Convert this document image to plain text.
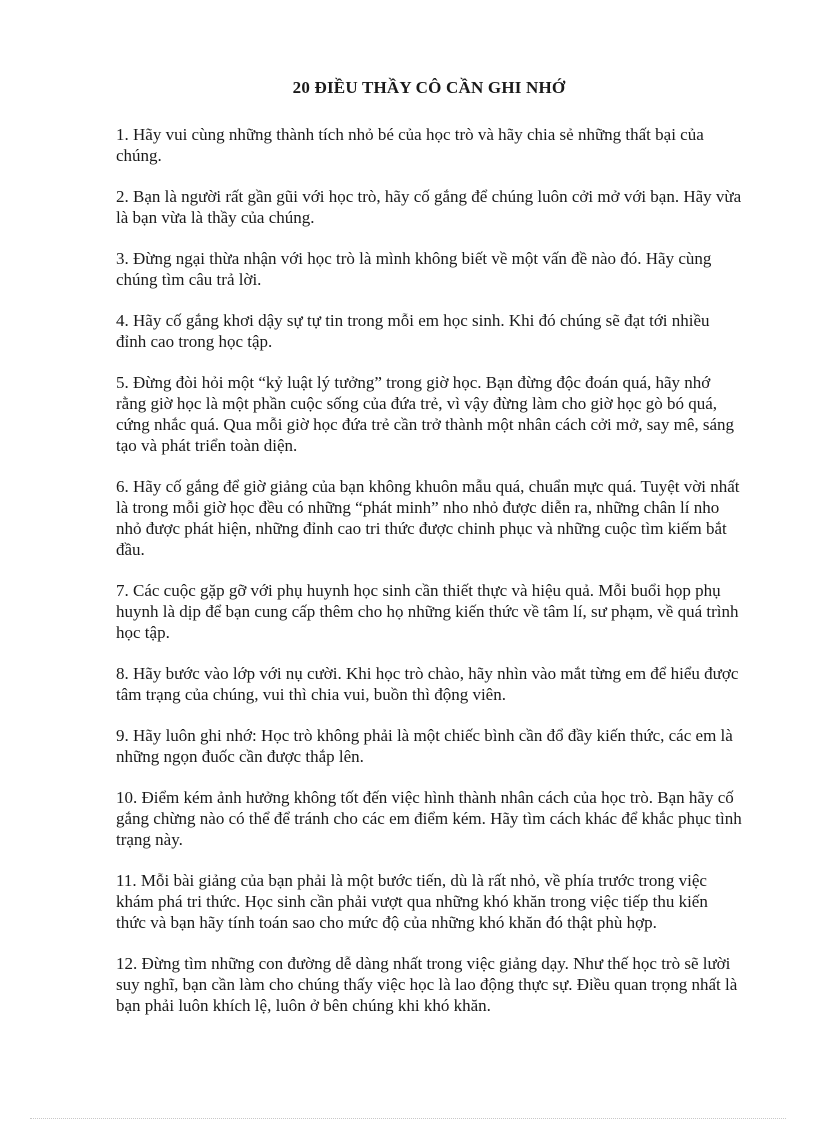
20 ĐIỀU THẦY CÔ CẦN GHI NHỚ

1. Hãy vui cùng những thành tích nhỏ bé của học trò và hãy chia sẻ những thất bại của chúng.

2. Bạn là người rất gần gũi với học trò, hãy cố gắng để chúng luôn cởi mở với bạn. Hãy vừa là bạn vừa là thầy của chúng.

3. Đừng ngại thừa nhận với học trò là mình không biết về một vấn đề nào đó. Hãy cùng chúng tìm câu trả lời.

4. Hãy cố gắng khơi dậy sự tự tin trong mỗi em học sinh. Khi đó chúng sẽ đạt tới nhiều đỉnh cao trong học tập.

5. Đừng đòi hỏi một “kỷ luật lý tưởng” trong giờ học. Bạn đừng độc đoán quá, hãy nhớ rằng giờ học là một phần cuộc sống của đứa trẻ, vì vậy đừng làm cho giờ học gò bó quá, cứng nhắc quá. Qua mỗi giờ học đứa trẻ cần trở thành một nhân cách cởi mở, say mê, sáng tạo và phát triển toàn diện.

6. Hãy cố gắng để giờ giảng của bạn không khuôn mẫu quá, chuẩn mực quá. Tuyệt vời nhất là trong mỗi giờ học đều có những “phát minh” nho nhỏ được diễn ra, những chân lí nho nhỏ được phát hiện, những đỉnh cao tri thức được chinh phục và những cuộc tìm kiếm bắt đầu.

7. Các cuộc gặp gỡ với phụ huynh học sinh cần thiết thực và hiệu quả. Mỗi buổi họp phụ huynh là dịp để bạn cung cấp thêm cho họ những kiến thức về tâm lí, sư phạm, về quá trình học tập.

8. Hãy bước vào lớp với nụ cười. Khi học trò chào, hãy nhìn vào mắt từng em để hiểu được tâm trạng của chúng, vui thì chia vui, buồn thì động viên.

9. Hãy luôn ghi nhớ: Học trò không phải là một chiếc bình cần đổ đầy kiến thức, các em là những ngọn đuốc cần được thắp lên.

10. Điểm kém ảnh hưởng không tốt đến việc hình thành nhân cách của học trò. Bạn hãy cố gắng chừng nào có thể để tránh cho các em điểm kém. Hãy tìm cách khác để khắc phục tình trạng này.

11. Mỗi bài giảng của bạn phải là một bước tiến, dù là rất nhỏ, về phía trước trong việc khám phá tri thức. Học sinh cần phải vượt qua những khó khăn trong việc tiếp thu kiến thức và bạn hãy tính toán sao cho mức độ của những khó khăn đó thật phù hợp.

12. Đừng tìm những con đường dễ dàng nhất trong việc giảng dạy. Như thế học trò sẽ lười suy nghĩ, bạn cần làm cho chúng thấy việc học là lao động thực sự. Điều quan trọng nhất là bạn phải luôn khích lệ, luôn ở bên chúng khi khó khăn.
